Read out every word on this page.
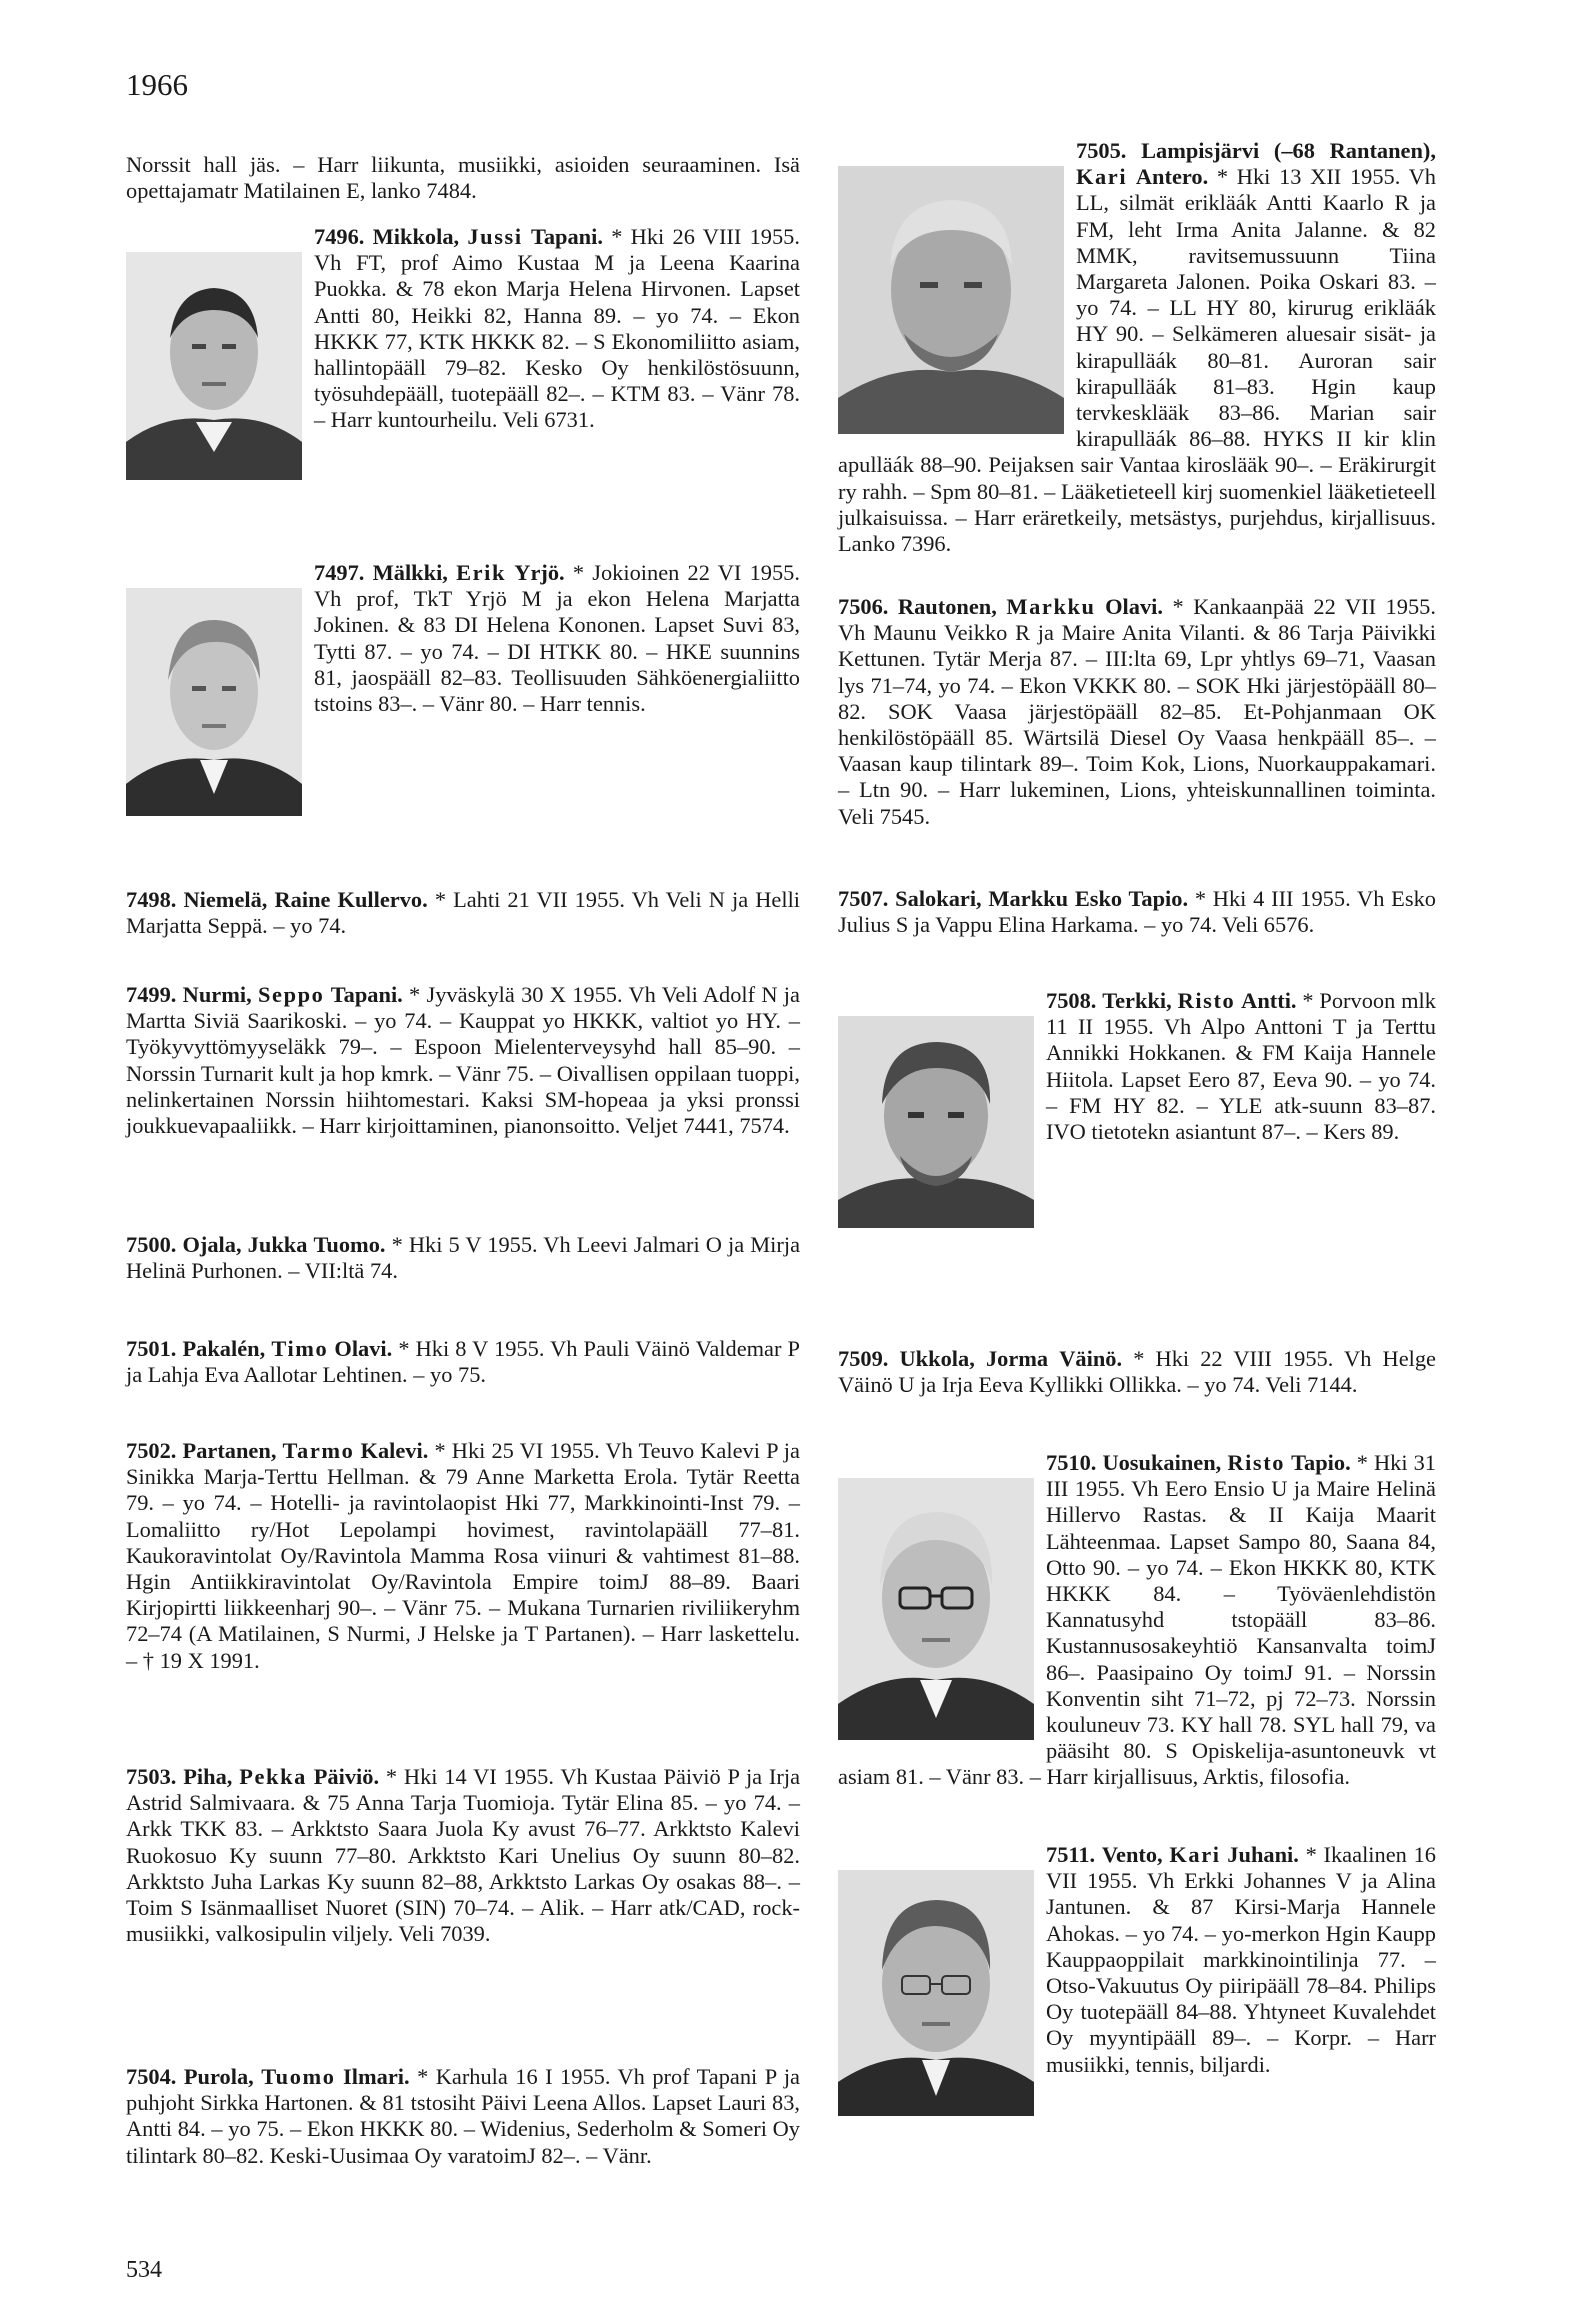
1966

Norssit hall jäs. – Harr liikunta, musiikki, asioiden seuraaminen. Isä opettajamatr Matilainen E, lanko 7484.

7496. Mikkola, Jussi Tapani. * Hki 26 VIII 1955. Vh FT, prof Aimo Kustaa M ja Leena Kaarina Puokka. & 78 ekon Marja Helena Hirvonen. Lapset Antti 80, Heikki 82, Hanna 89. – yo 74. – Ekon HKKK 77, KTK HKKK 82. – S Ekonomiliitto asiam, hallintopääll 79–82. Kesko Oy henkilöstösuunn, työsuhdepääll, tuotepääll 82–. – KTM 83. – Vänr 78. – Harr kuntourheilu. Veli 6731.
7497. Mälkki, Erik Yrjö. * Jokioinen 22 VI 1955. Vh prof, TkT Yrjö M ja ekon Helena Marjatta Jokinen. & 83 DI Helena Kononen. Lapset Suvi 83, Tytti 87. – yo 74. – DI HTKK 80. – HKE suunnins 81, jaospääll 82–83. Teollisuuden Sähköenergialiitto tstoins 83–. – Vänr 80. – Harr tennis.
7498. Niemelä, Raine Kullervo. * Lahti 21 VII 1955. Vh Veli N ja Helli Marjatta Seppä. – yo 74.
7499. Nurmi, Seppo Tapani. * Jyväskylä 30 X 1955. Vh Veli Adolf N ja Martta Siviä Saarikoski. – yo 74. – Kauppat yo HKKK, valtiot yo HY. – Työkyvyttömyyseläkk 79–. – Espoon Mielenterveysyhd hall 85–90. – Norssin Turnarit kult ja hop kmrk. – Vänr 75. – Oivallisen oppilaan tuoppi, nelinkertainen Norssin hiihtomestari. Kaksi SM-hopeaa ja yksi pronssi joukkuevapaaliikk. – Harr kirjoittaminen, pianonsoitto. Veljet 7441, 7574.
7500. Ojala, Jukka Tuomo. * Hki 5 V 1955. Vh Leevi Jalmari O ja Mirja Helinä Purhonen. – VII:ltä 74.
7501. Pakalén, Timo Olavi. * Hki 8 V 1955. Vh Pauli Väinö Valdemar P ja Lahja Eva Aallotar Lehtinen. – yo 75.
7502. Partanen, Tarmo Kalevi. * Hki 25 VI 1955. Vh Teuvo Kalevi P ja Sinikka Marja-Terttu Hellman. & 79 Anne Marketta Erola. Tytär Reetta 79. – yo 74. – Hotelli- ja ravintolaopist Hki 77, Markkinointi-Inst 79. – Lomaliitto ry/Hot Lepolampi hovimest, ravintolapääll 77–81. Kaukoravintolat Oy/Ravintola Mamma Rosa viinuri & vahtimest 81–88. Hgin Antiikkiravintolat Oy/Ravintola Empire toimJ 88–89. Baari Kirjopirtti liikkeenharj 90–. – Vänr 75. – Mukana Turnarien riviliikeryhm 72–74 (A Matilainen, S Nurmi, J Helske ja T Partanen). – Harr laskettelu. – † 19 X 1991.
7503. Piha, Pekka Päiviö. * Hki 14 VI 1955. Vh Kustaa Päiviö P ja Irja Astrid Salmivaara. & 75 Anna Tarja Tuomioja. Tytär Elina 85. – yo 74. – Arkk TKK 83. – Arkktsto Saara Juola Ky avust 76–77. Arkktsto Kalevi Ruokosuo Ky suunn 77–80. Arkktsto Kari Unelius Oy suunn 80–82. Arkktsto Juha Larkas Ky suunn 82–88, Arkktsto Larkas Oy osakas 88–. – Toim S Isänmaalliset Nuoret (SIN) 70–74. – Alik. – Harr atk/CAD, rock-musiikki, valkosipulin viljely. Veli 7039.
7504. Purola, Tuomo Ilmari. * Karhula 16 I 1955. Vh prof Tapani P ja puhjoht Sirkka Hartonen. & 81 tstosiht Päivi Leena Allos. Lapset Lauri 83, Antti 84. – yo 75. – Ekon HKKK 80. – Widenius, Sederholm & Someri Oy tilintark 80–82. Keski-Uusimaa Oy varatoimJ 82–. – Vänr.
7505. Lampisjärvi (–68 Rantanen), Kari Antero. * Hki 13 XII 1955. Vh LL, silmät erikläák Antti Kaarlo R ja FM, leht Irma Anita Jalanne. & 82 MMK, ravitsemussuunn Tiina Margareta Jalonen. Poika Oskari 83. – yo 74. – LL HY 80, kirurug erikläák HY 90. – Selkämeren aluesair sisät- ja kirapulläák 80–81. Auroran sair kirapulläák 81–83. Hgin kaup tervkesklääk 83–86. Marian sair kirapulläák 86–88. HYKS II kir klin apulläák 88–90. Peijaksen sair Vantaa kiroslääk 90–. – Eräkirurgit ry rahh. – Spm 80–81. – Lääketieteell kirj suomenkiel lääketieteell julkaisuissa. – Harr eräretkeily, metsästys, purjehdus, kirjallisuus. Lanko 7396.
7506. Rautonen, Markku Olavi. * Kankaanpää 22 VII 1955. Vh Maunu Veikko R ja Maire Anita Vilanti. & 86 Tarja Päivikki Kettunen. Tytär Merja 87. – III:lta 69, Lpr yhtlys 69–71, Vaasan lys 71–74, yo 74. – Ekon VKKK 80. – SOK Hki järjestöpääll 80–82. SOK Vaasa järjestöpääll 82–85. Et-Pohjanmaan OK henkilöstöpääll 85. Wärtsilä Diesel Oy Vaasa henkpääll 85–. – Vaasan kaup tilintark 89–. Toim Kok, Lions, Nuorkauppakamari. – Ltn 90. – Harr lukeminen, Lions, yhteiskunnallinen toiminta. Veli 7545.
7507. Salokari, Markku Esko Tapio. * Hki 4 III 1955. Vh Esko Julius S ja Vappu Elina Harkama. – yo 74. Veli 6576.
7508. Terkki, Risto Antti. * Porvoon mlk 11 II 1955. Vh Alpo Anttoni T ja Terttu Annikki Hokkanen. & FM Kaija Hannele Hiitola. Lapset Eero 87, Eeva 90. – yo 74. – FM HY 82. – YLE atk-suunn 83–87. IVO tietotekn asiantunt 87–. – Kers 89.
7509. Ukkola, Jorma Väinö. * Hki 22 VIII 1955. Vh Helge Väinö U ja Irja Eeva Kyllikki Ollikka. – yo 74. Veli 7144.
7510. Uosukainen, Risto Tapio. * Hki 31 III 1955. Vh Eero Ensio U ja Maire Helinä Hillervo Rastas. & II Kaija Maarit Lähteenmaa. Lapset Sampo 80, Saana 84, Otto 90. – yo 74. – Ekon HKKK 80, KTK HKKK 84. – Työväenlehdistön Kannatusyhd tstopääll 83–86. Kustannusosakeyhtiö Kansanvalta toimJ 86–. Paasipaino Oy toimJ 91. – Norssin Konventin siht 71–72, pj 72–73. Norssin kouluneuv 73. KY hall 78. SYL hall 79, va pääsiht 80. S Opiskelija-asuntoneuvk vt asiam 81. – Vänr 83. – Harr kirjallisuus, Arktis, filosofia.
7511. Vento, Kari Juhani. * Ikaalinen 16 VII 1955. Vh Erkki Johannes V ja Alina Jantunen. & 87 Kirsi-Marja Hannele Ahokas. – yo 74. – yo-merkon Hgin Kaupp Kauppaoppilait markkinointilinja 77. – Otso-Vakuutus Oy piiripääll 78–84. Philips Oy tuotepääll 84–88. Yhtyneet Kuvalehdet Oy myyntipääll 89–. – Korpr. – Harr musiikki, tennis, biljardi.
534
